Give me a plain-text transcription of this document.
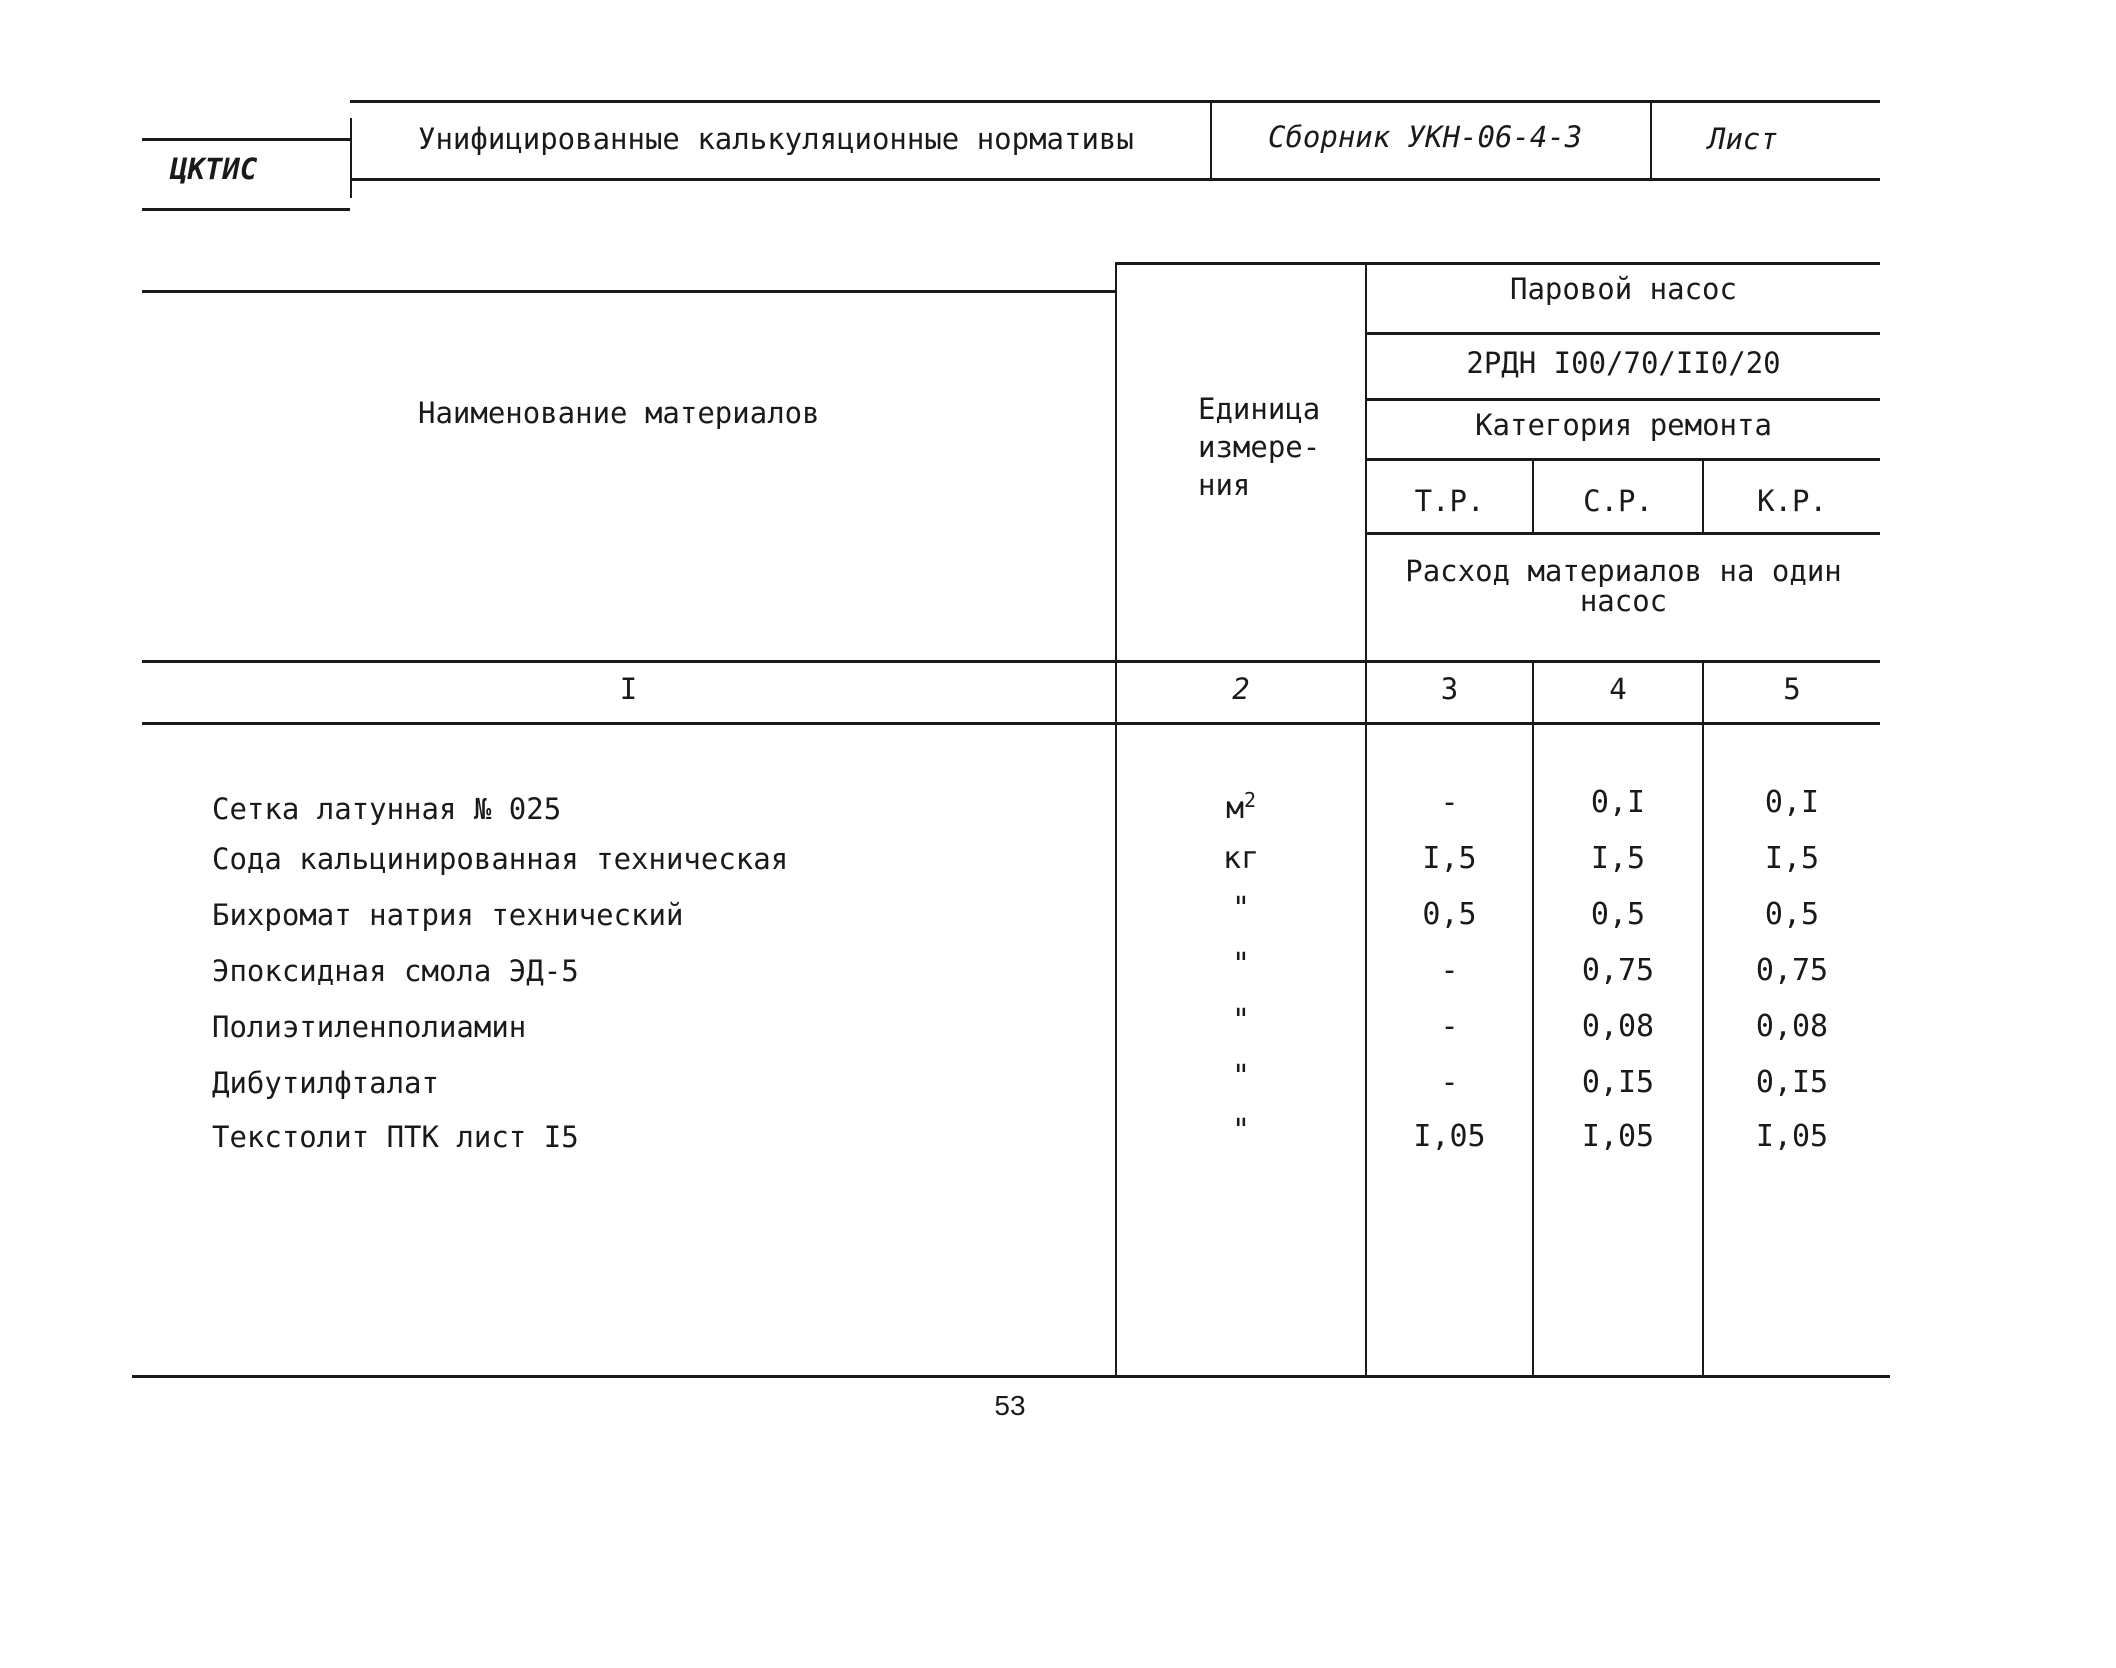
ЦКТИС
Унифицированные калькуляционные нормативы	Сборник УКН-06-4-3	Лист
Наименование материалов	Единица
измере-
ния
Паровой насос
2РДН I00/70/II0/20
Категория ремонта
Т.Р.	С.Р.	К.Р.
Расход материалов на один
насос
I	2	3	4	5
Сетка латунная № 025	$м^2$	-	0,I	0,I
Сода кальцинированная техническая	кг	I,5	I,5	I,5
Бихромат натрия технический	"	0,5	0,5	0,5
Эпоксидная смола ЭД-5	"	-	0,75	0,75
Полиэтиленполиамин	"	-	0,08	0,08
Дибутилфталат	"	-	0,I5	0,I5
Текстолит ПТК лист I5	"	I,05	I,05	I,05
53
